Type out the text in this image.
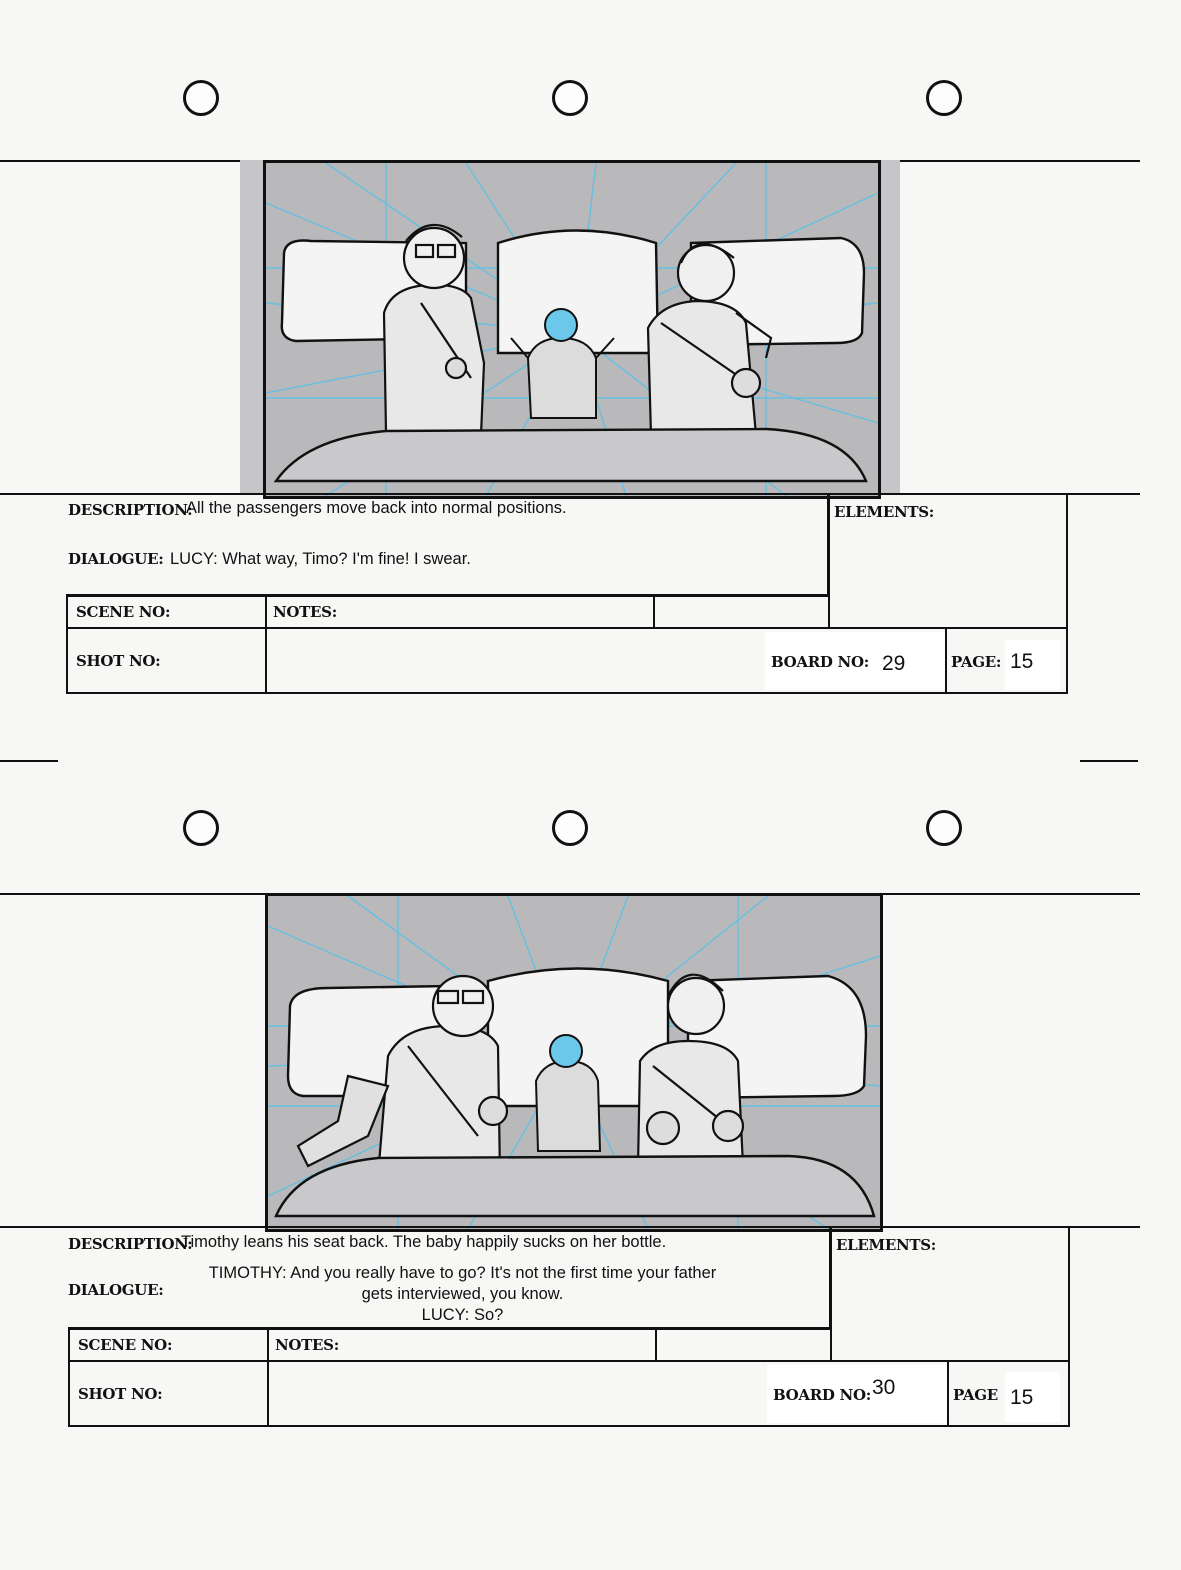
DESCRIPTION:
All the passengers move back into normal positions.
DIALOGUE: LUCY: What way, Timo? I'm fine! I swear.
ELEMENTS:
SCENE NO:	NOTES:
SHOT NO:	BOARD NO: 29	PAGE: 15
DESCRIPTION:
Timothy leans his seat back. The baby happily sucks on her bottle.
DIALOGUE:
TIMOTHY: And you really have to go? It's not the first time your father
gets interviewed, you know.
LUCY: So?
ELEMENTS:
SCENE NO:	NOTES:
SHOT NO:	BOARD NO: 30	PAGE 15
